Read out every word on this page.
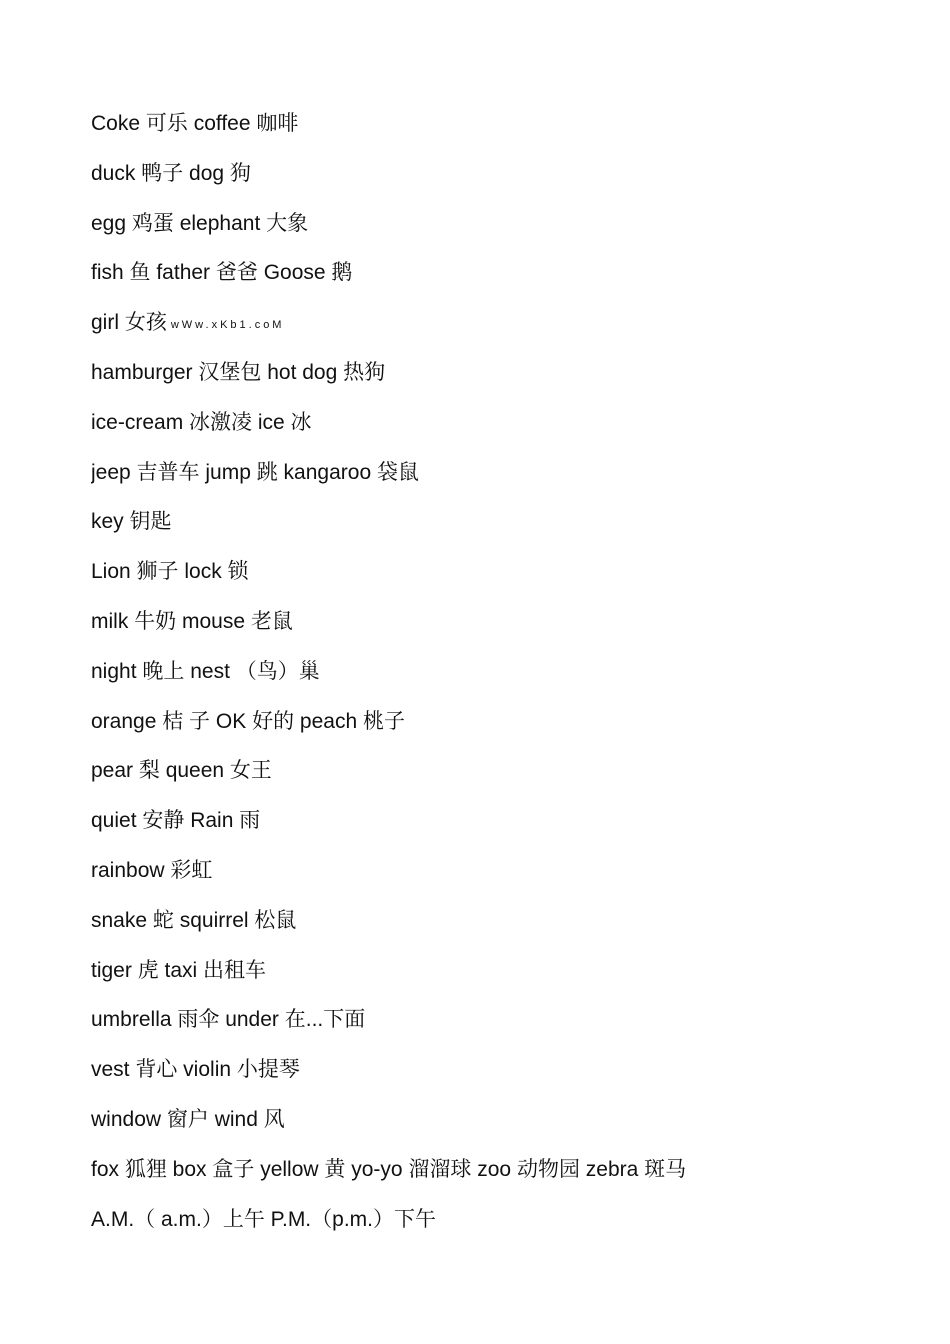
Coke 可乐 coffee 咖啡
duck 鸭子 dog 狗
egg 鸡蛋 elephant 大象
fish 鱼 father 爸爸 Goose 鹅
girl 女孩 wWw.xKb1.coM
hamburger 汉堡包 hot dog 热狗
ice-cream 冰激凌 ice 冰
jeep 吉普车 jump 跳 kangaroo 袋鼠
key 钥匙
Lion 狮子 lock 锁
milk 牛奶 mouse 老鼠
night 晚上 nest （鸟）巢
orange 桔 子 OK 好的 peach 桃子
pear 梨 queen 女王
quiet 安静 Rain 雨
rainbow 彩虹
snake 蛇 squirrel 松鼠
tiger 虎 taxi 出租车
umbrella 雨伞 under 在...下面
vest 背心 violin 小提琴
window 窗户 wind 风
fox 狐狸 box 盒子 yellow 黄 yo-yo 溜溜球 zoo 动物园 zebra 斑马
A.M.（ a.m.）上午 P.M.（p.m.）下午
